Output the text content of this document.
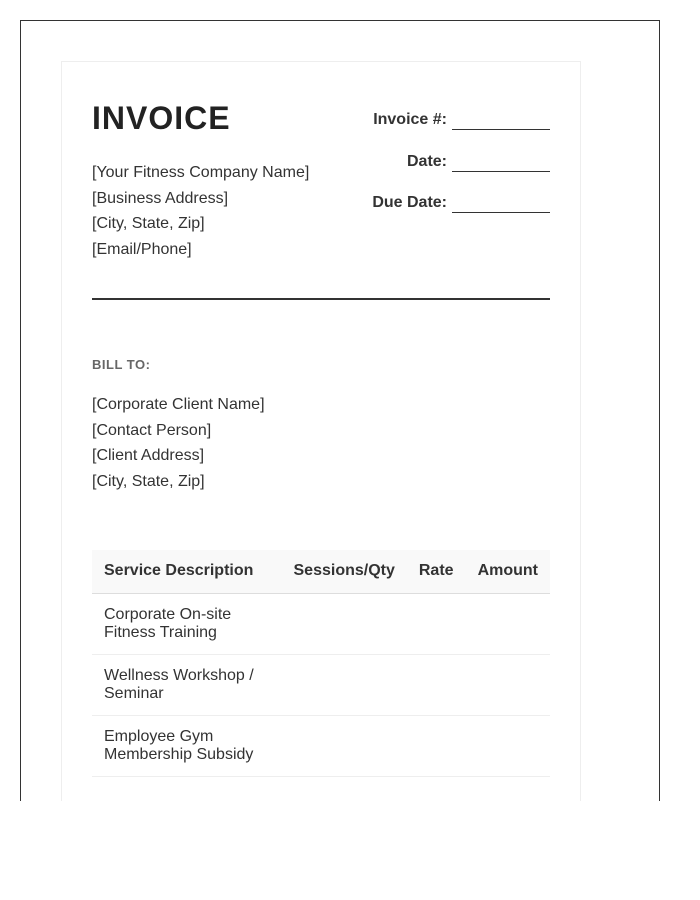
INVOICE
[Your Fitness Company Name]
[Business Address]
[City, State, Zip]
[Email/Phone]
Invoice #:
Date:
Due Date:
BILL TO:
[Corporate Client Name]
[Contact Person]
[Client Address]
[City, State, Zip]
Service Description	Sessions/Qty	Rate	Amount
Corporate On-site Fitness Training			
Wellness Workshop / Seminar			
Employee Gym Membership Subsidy			
